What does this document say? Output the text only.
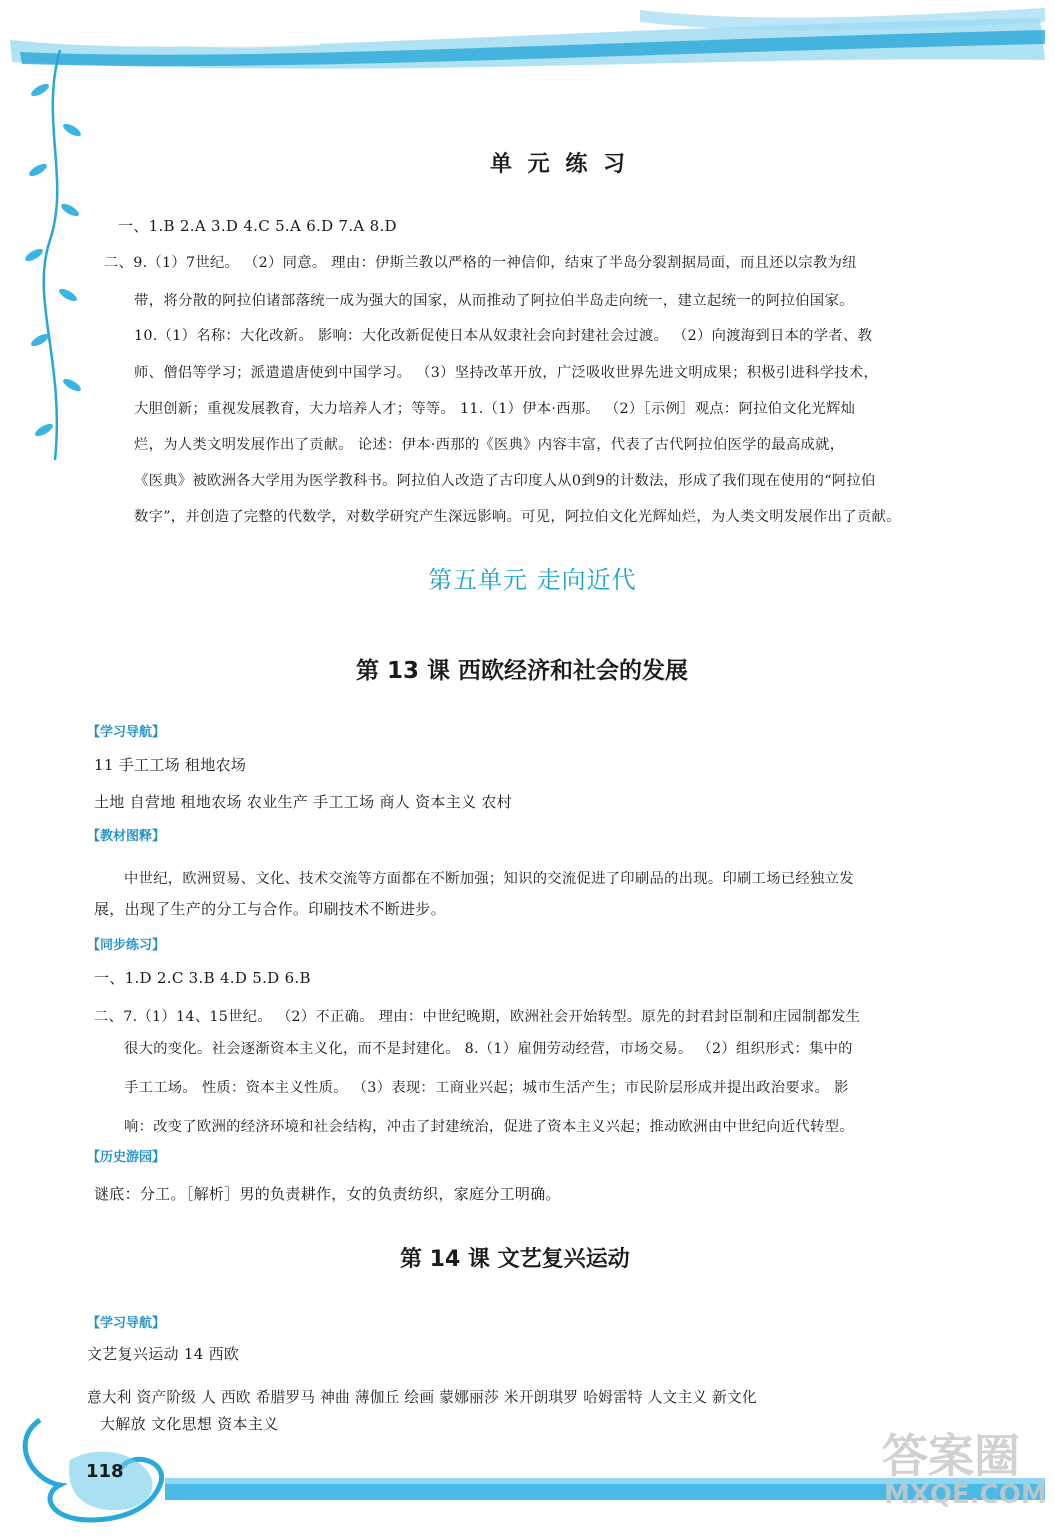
单 元 练 习
一、1.B 2.A 3.D 4.C 5.A 6.D 7.A 8.D
二、9.（1）7世纪。 （2）同意。 理由：伊斯兰教以严格的一神信仰，结束了半岛分裂割据局面，而且还以宗教为纽
带，将分散的阿拉伯诸部落统一成为强大的国家，从而推动了阿拉伯半岛走向统一，建立起统一的阿拉伯国家。
10.（1）名称：大化改新。 影响：大化改新促使日本从奴隶社会向封建社会过渡。 （2）向渡海到日本的学者、教
师、僧侣等学习；派遣遣唐使到中国学习。 （3）坚持改革开放，广泛吸收世界先进文明成果；积极引进科学技术，
大胆创新；重视发展教育，大力培养人才；等等。 11.（1）伊本·西那。 （2）［示例］观点：阿拉伯文化光辉灿
烂，为人类文明发展作出了贡献。 论述：伊本·西那的《医典》内容丰富，代表了古代阿拉伯医学的最高成就，
《医典》被欧洲各大学用为医学教科书。阿拉伯人改造了古印度人从0到9的计数法，形成了我们现在使用的“阿拉伯
数字”，并创造了完整的代数学，对数学研究产生深远影响。可见，阿拉伯文化光辉灿烂，为人类文明发展作出了贡献。
第五单元 走向近代
第 13 课 西欧经济和社会的发展
【学习导航】
11 手工工场 租地农场
土地 自营地 租地农场 农业生产 手工工场 商人 资本主义 农村
【教材图释】
中世纪，欧洲贸易、文化、技术交流等方面都在不断加强；知识的交流促进了印刷品的出现。印刷工场已经独立发
展，出现了生产的分工与合作。印刷技术不断进步。
【同步练习】
一、1.D 2.C 3.B 4.D 5.D 6.B
二、7.（1）14、15世纪。 （2）不正确。 理由：中世纪晚期，欧洲社会开始转型。原先的封君封臣制和庄园制都发生
很大的变化。社会逐渐资本主义化，而不是封建化。 8.（1）雇佣劳动经营，市场交易。 （2）组织形式：集中的
手工工场。 性质：资本主义性质。 （3）表现：工商业兴起；城市生活产生；市民阶层形成并提出政治要求。 影
响：改变了欧洲的经济环境和社会结构，冲击了封建统治，促进了资本主义兴起；推动欧洲由中世纪向近代转型。
【历史游园】
谜底：分工。［解析］男的负责耕作，女的负责纺织，家庭分工明确。
第 14 课 文艺复兴运动
【学习导航】
文艺复兴运动 14 西欧
意大利 资产阶级 人 西欧 希腊罗马 神曲 薄伽丘 绘画 蒙娜丽莎 米开朗琪罗 哈姆雷特 人文主义 新文化
大解放 文化思想 资本主义
118	答案圈
MXQE.COM
